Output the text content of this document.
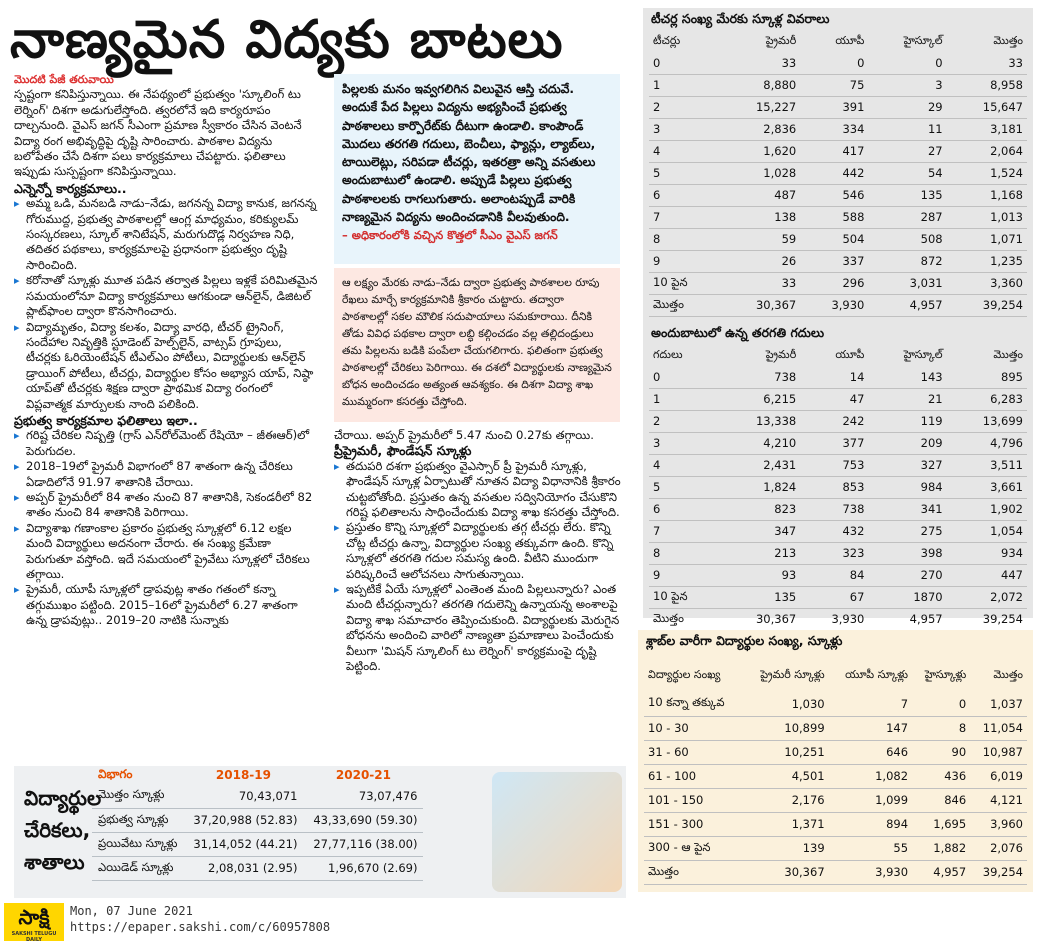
నాణ్యమైన విద్యకు బాటలు

మొదటి పేజీ తరువాయి

స్పష్టంగా కనిపిస్తున్నాయి. ఈ నేపథ్యంలో ప్రభుత్వం 'స్కూలింగ్ టు లెర్నింగ్' దిశగా అడుగులేస్తోంది. త్వరలోనే ఇది కార్యరూపం దాల్చనుంది. వైఎస్ జగన్ సీఎంగా ప్రమాణ స్వీకారం చేసిన వెంటనే విద్యా రంగ అభివృద్ధిపై దృష్టి సారించారు. పాఠశాల విద్యను బలోపేతం చేసే దిశగా పలు కార్యక్రమాలు చేపట్టారు. ఫలితాలు ఇప్పుడు సుస్పష్టంగా కనిపిస్తున్నాయి.

ఎన్నెన్నో కార్యక్రమాలు..

▸ అమ్మ ఒడి, మనబడి నాడు–నేడు, జగనన్న విద్యా కానుక, జగనన్న గోరుముద్ద, ప్రభుత్వ పాఠశాలల్లో ఆంగ్ల మాధ్యమం, కరిక్యులమ్ సంస్కరణలు, స్కూల్ శానిటేషన్, మరుగుదొడ్ల నిర్వహణ నిధి, తదితర పథకాలు, కార్యక్రమాలపై ప్రధానంగా ప్రభుత్వం దృష్టి సారించింది.

▸ కరోనాతో స్కూళ్లు మూత పడిన తర్వాత పిల్లలు ఇళ్లకే పరిమితమైన సమయంలోనూ విద్యా కార్యక్రమాలు ఆగకుండా ఆన్‌లైన్, డిజిటల్ ప్లాట్‌ఫాంల ద్వారా కొనసాగించారు.

▸ విద్యామృతం, విద్యా కలశం, విద్యా వారధి, టీచర్ ట్రైనింగ్, సందేహాల నివృత్తికి స్టూడెంట్ హెల్ప్‌లైన్, వాట్సప్ గ్రూపులు, టీచర్లకు ఓరియెంటేషన్ టీఎల్ఎం పోటీలు, విద్యార్థులకు ఆన్‌లైన్ డ్రాయింగ్ పోటీలు, టీచర్లు, విద్యార్థుల కోసం అభ్యాస యాప్, నిష్ఠా యాప్‌తో టీచర్లకు శిక్షణ ద్వారా ప్రాథమిక విద్యా రంగంలో విప్లవాత్మక మార్పులకు నాంది పలికింది.

ప్రభుత్వ కార్యక్రమాల ఫలితాలు ఇలా..

▸ గరిష్ట చేరికల నిష్పత్తి (గ్రాస్ ఎన్‌రోల్‌మెంట్ రేషియో – జీఈఆర్)లో పెరుగుదల.

▸ 2018–19లో ప్రైమరీ విభాగంలో 87 శాతంగా ఉన్న చేరికలు ఏడాదిలోనే 91.97 శాతానికి చేరాయి.

▸ అప్పర్ ప్రైమరీలో 84 శాతం నుంచి 87 శాతానికి, సెకండరీలో 82 శాతం నుంచి 84 శాతానికి పెరిగాయి.

▸ విద్యాశాఖ గణాంకాల ప్రకారం ప్రభుత్వ స్కూళ్లలో 6.12 లక్షల మంది విద్యార్థులు అదనంగా చేరారు. ఈ సంఖ్య క్రమేణా పెరుగుతూ వస్తోంది. ఇదే సమయంలో ప్రైవేటు స్కూళ్లలో చేరికలు తగ్గాయి.

▸ ప్రైమరీ, యూపీ స్కూళ్లలో డ్రాపవుట్ల శాతం గతంలో కన్నా తగ్గుముఖం పట్టింది. 2015–16లో ప్రైమరీలో 6.27 శాతంగా ఉన్న డ్రాపవుట్లు.. 2019–20 నాటికి సున్నాకు

పిల్లలకు మనం ఇవ్వగలిగిన విలువైన ఆస్తి చదువే. అందుకే పేద పిల్లలు విద్యను అభ్యసించే ప్రభుత్వ పాఠశాలలు కార్పొరేట్‌కు దీటుగా ఉండాలి. కాంపౌండ్ మొదలు తరగతి గదులు, బెంచీలు, ఫ్యాన్లు, ల్యాబ్‌లు, టాయిలెట్లు, సరిపడా టీచర్లు, ఇతరత్రా అన్ని వసతులు అందుబాటులో ఉండాలి. అప్పుడే పిల్లలు ప్రభుత్వ పాఠశాలలకు రాగలుగుతారు. అలాంటప్పుడే వారికి నాణ్యమైన విద్యను అందించడానికి వీలవుతుంది.
– అధికారంలోకి వచ్చిన కొత్తలో సీఎం వైఎస్ జగన్
ఆ లక్ష్యం మేరకు నాడు–నేడు ద్వారా ప్రభుత్వ పాఠశాలల రూపు రేఖలు మార్చే కార్యక్రమానికి శ్రీకారం చుట్టారు. తద్వారా పాఠశాలల్లో సకల మౌలిక సదుపాయాలు సమకూరాయి. దీనికి తోడు వివిధ పథకాల ద్వారా లబ్ధి కల్గించడం వల్ల తల్లిదండ్రులు తమ పిల్లలను బడికి పంపేలా చేయగలిగారు. ఫలితంగా ప్రభుత్వ పాఠశాలల్లో చేరికలు పెరిగాయి. ఈ దశలో విద్యార్థులకు నాణ్యమైన బోధన అందించడం అత్యంత ఆవశ్యకం. ఈ దిశగా విద్యా శాఖ ముమ్మరంగా కసరత్తు చేస్తోంది.

చేరాయి. అప్పర్ ప్రైమరీలో 5.47 నుంచి 0.27కు తగ్గాయి.

ప్రీప్రైమరీ, ఫౌండేషన్ స్కూళ్లు

▸ తదుపరి దశగా ప్రభుత్వం వైఎస్సార్ ప్రీ ప్రైమరీ స్కూళ్లు, ఫౌండేషన్ స్కూళ్ల ఏర్పాటుతో నూతన విద్యా విధానానికి శ్రీకారం చుట్టబోతోంది. ప్రస్తుతం ఉన్న వసతుల సద్వినియోగం చేసుకొని గరిష్ట ఫలితాలను సాధించేందుకు విద్యా శాఖ కసరత్తు చేస్తోంది.

▸ ప్రస్తుతం కొన్ని స్కూళ్లలో విద్యార్థులకు తగ్గ టీచర్లు లేరు. కొన్ని చోట్ల టీచర్లు ఉన్నా, విద్యార్థుల సంఖ్య తక్కువగా ఉంది. కొన్ని స్కూళ్లలో తరగతి గదుల సమస్య ఉంది. వీటిని ముందుగా పరిష్కరించే ఆలోచనలు సాగుతున్నాయి.

▸ ఇప్పటికే ఏయే స్కూళ్లలో ఎంతెంత మంది పిల్లలున్నారు? ఎంత మంది టీచర్లున్నారు? తరగతి గదులెన్ని ఉన్నాయన్న అంశాలపై విద్యా శాఖ సమాచారం తెప్పించుకుంది. విద్యార్థులకు మెరుగైన బోధనను అందించి వారిలో నాణ్యతా ప్రమాణాలు పెంచేందుకు వీలుగా 'మిషన్ స్కూలింగ్ టు లెర్నింగ్' కార్యక్రమంపై దృష్టి పెట్టింది.

టీచర్ల సంఖ్య మేరకు స్కూళ్ల వివరాలు
టీచర్లు	ప్రైమరీ	యూపీ	హైస్కూల్	మొత్తం
0	33	0	0	33
1	8,880	75	3	8,958
2	15,227	391	29	15,647
3	2,836	334	11	3,181
4	1,620	417	27	2,064
5	1,028	442	54	1,524
6	487	546	135	1,168
7	138	588	287	1,013
8	59	504	508	1,071
9	26	337	872	1,235
10 పైన	33	296	3,031	3,360
మొత్తం	30,367	3,930	4,957	39,254
అందుబాటులో ఉన్న తరగతి గదులు
గదులు	ప్రైమరీ	యూపీ	హైస్కూల్	మొత్తం
0	738	14	143	895
1	6,215	47	21	6,283
2	13,338	242	119	13,699
3	4,210	377	209	4,796
4	2,431	753	327	3,511
5	1,824	853	984	3,661
6	823	738	341	1,902
7	347	432	275	1,054
8	213	323	398	934
9	93	84	270	447
10 పైన	135	67	1870	2,072
మొత్తం	30,367	3,930	4,957	39,254
శ్లాబ్‌ల వారీగా విద్యార్థుల సంఖ్య, స్కూళ్లు
విద్యార్థుల సంఖ్య	ప్రైమరీ స్కూళ్లు	యూపీ స్కూళ్లు	హైస్కూళ్లు	మొత్తం
10 కన్నా తక్కువ	1,030	7	0	1,037
10 - 30	10,899	147	8	11,054
31 - 60	10,251	646	90	10,987
61 - 100	4,501	1,082	436	6,019
101 - 150	2,176	1,099	846	4,121
151 - 300	1,371	894	1,695	3,960
300 - ఆ పైన	139	55	1,882	2,076
మొత్తం	30,367	3,930	4,957	39,254
విద్యార్థుల చేరికలు, శాతాలు
విభాగం	2018-19	2020-21
మొత్తం స్కూళ్లు	70,43,071	73,07,476
ప్రభుత్వ స్కూళ్లు	37,20,988 (52.83)	43,33,690 (59.30)
ప్రయివేటు స్కూళ్లు	31,14,052 (44.21)	27,77,116 (38.00)
ఎయిడెడ్ స్కూళ్లు	2,08,031 (2.95)	1,96,670 (2.69)
సాక్షి
SAKSHI TELUGU DAILY
Mon, 07 June 2021
https://epaper.sakshi.com/c/60957808
